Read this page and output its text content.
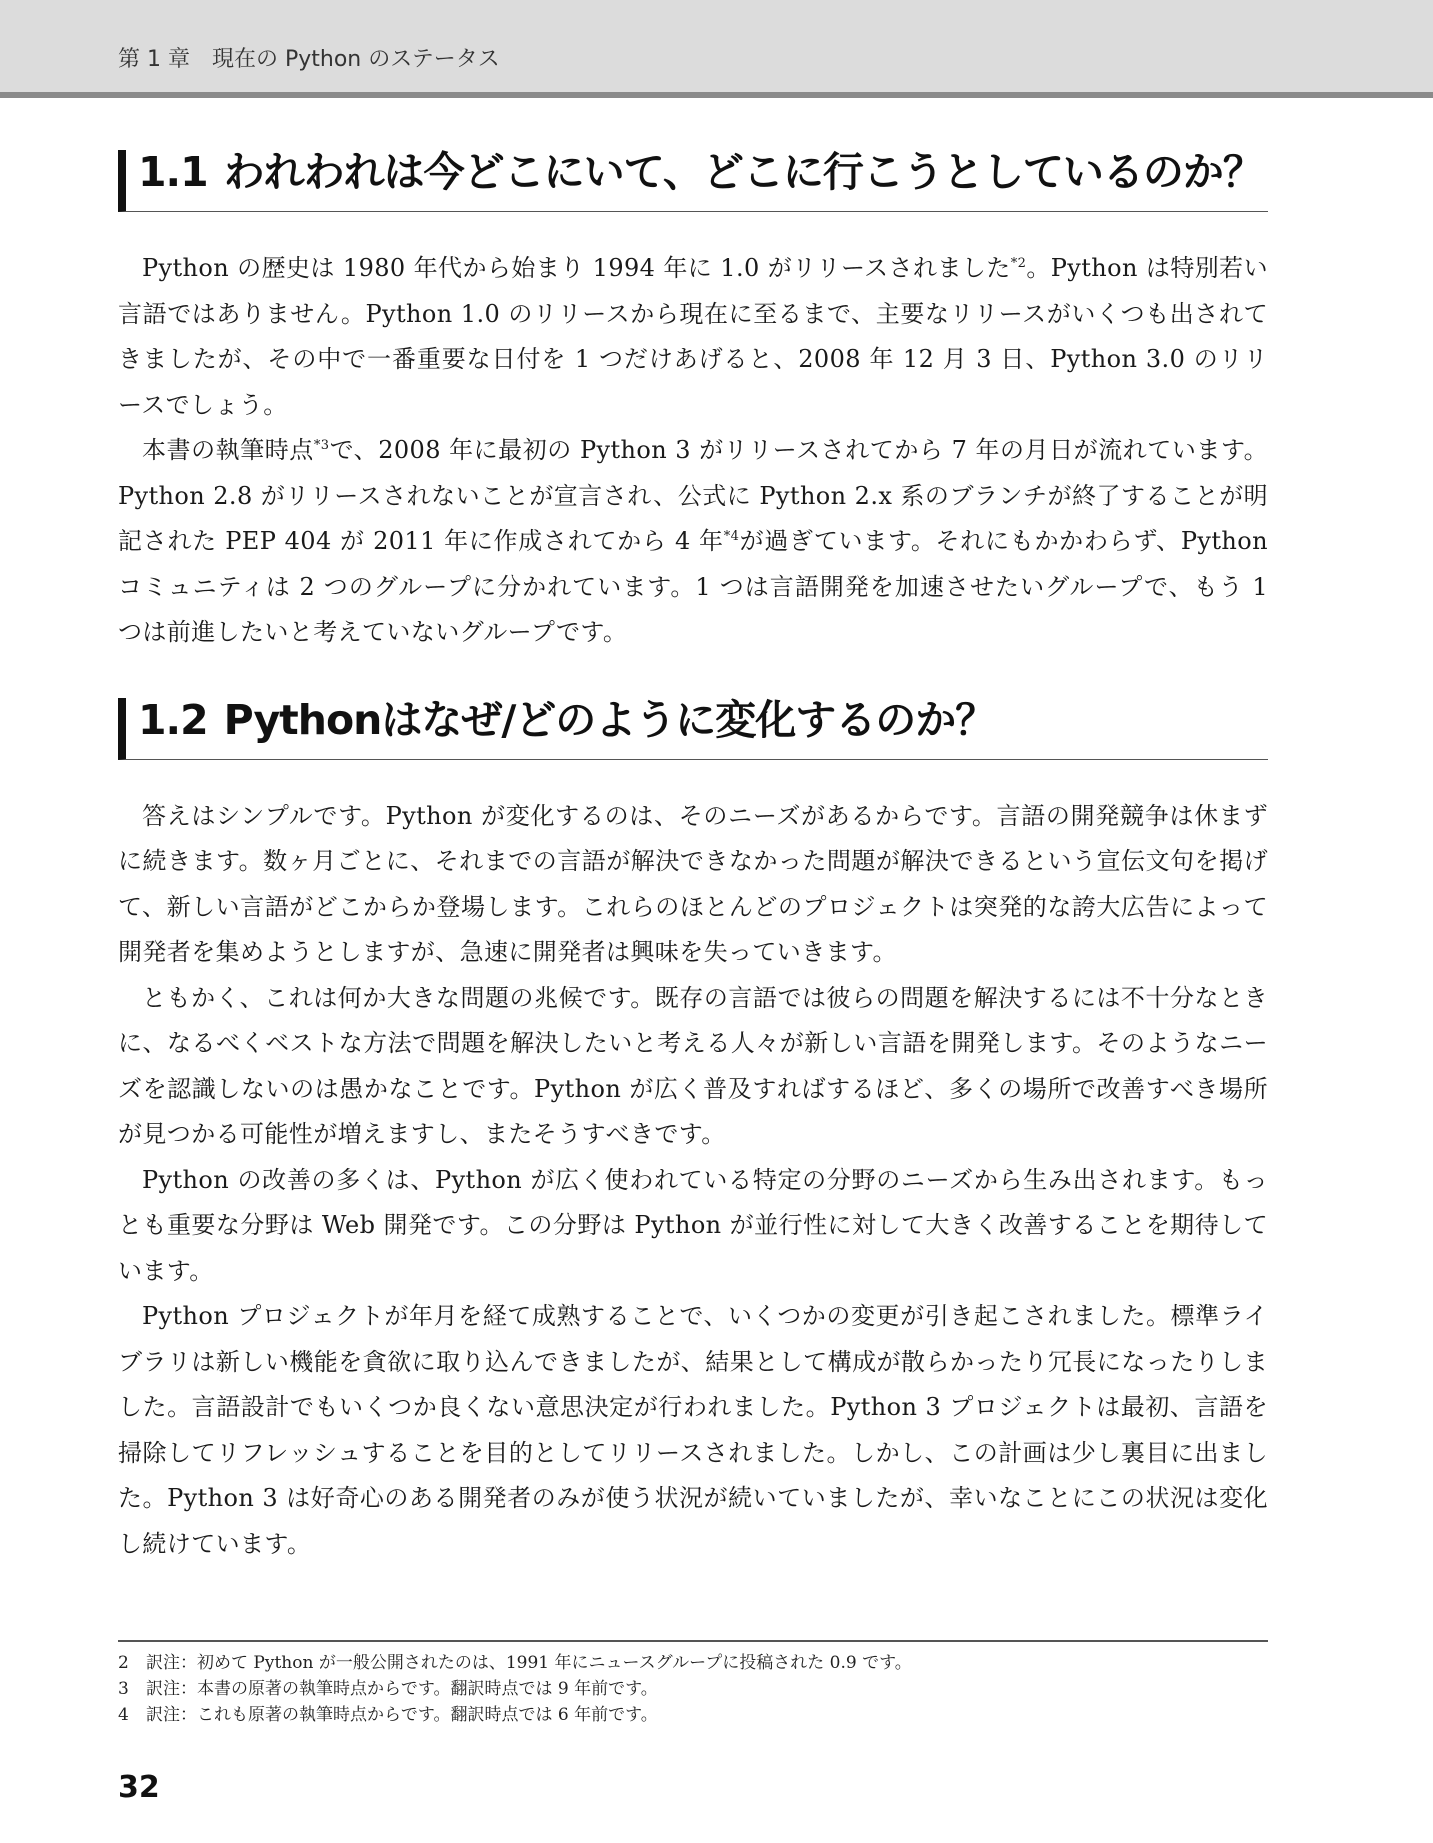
第 1 章　現在の Python のステータス
1.1 われわれは今どこにいて、どこに行こうとしているのか？

Python の歴史は 1980 年代から始まり 1994 年に 1.0 がリリースされました$^{*2}$。Python は特別若い言語ではありません。Python 1.0 のリリースから現在に至るまで、主要なリリースがいくつも出されてきましたが、その中で一番重要な日付を 1 つだけあげると、2008 年 12 月 3 日、Python 3.0 のリリースでしょう。

本書の執筆時点$^{*3}$で、2008 年に最初の Python 3 がリリースされてから 7 年の月日が流れています。Python 2.8 がリリースされないことが宣言され、公式に Python 2.x 系のブランチが終了することが明記された PEP 404 が 2011 年に作成されてから 4 年$^{*4}$が過ぎています。それにもかかわらず、Python コミュニティは 2 つのグループに分かれています。1 つは言語開発を加速させたいグループで、もう 1 つは前進したいと考えていないグループです。

1.2 Pythonはなぜ/どのように変化するのか？

答えはシンプルです。Python が変化するのは、そのニーズがあるからです。言語の開発競争は休まずに続きます。数ヶ月ごとに、それまでの言語が解決できなかった問題が解決できるという宣伝文句を掲げて、新しい言語がどこからか登場します。これらのほとんどのプロジェクトは突発的な誇大広告によって開発者を集めようとしますが、急速に開発者は興味を失っていきます。

ともかく、これは何か大きな問題の兆候です。既存の言語では彼らの問題を解決するには不十分なときに、なるべくベストな方法で問題を解決したいと考える人々が新しい言語を開発します。そのようなニーズを認識しないのは愚かなことです。Python が広く普及すればするほど、多くの場所で改善すべき場所が見つかる可能性が増えますし、またそうすべきです。

Python の改善の多くは、Python が広く使われている特定の分野のニーズから生み出されます。もっとも重要な分野は Web 開発です。この分野は Python が並行性に対して大きく改善することを期待しています。

Python プロジェクトが年月を経て成熟することで、いくつかの変更が引き起こされました。標準ライブラリは新しい機能を貪欲に取り込んできましたが、結果として構成が散らかったり冗長になったりしました。言語設計でもいくつか良くない意思決定が行われました。Python 3 プロジェクトは最初、言語を掃除してリフレッシュすることを目的としてリリースされました。しかし、この計画は少し裏目に出ました。Python 3 は好奇心のある開発者のみが使う状況が続いていましたが、幸いなことにこの状況は変化し続けています。

2 訳注：初めて Python が一般公開されたのは、1991 年にニュースグループに投稿された 0.9 です。

3 訳注：本書の原著の執筆時点からです。翻訳時点では 9 年前です。

4 訳注：これも原著の執筆時点からです。翻訳時点では 6 年前です。

32
